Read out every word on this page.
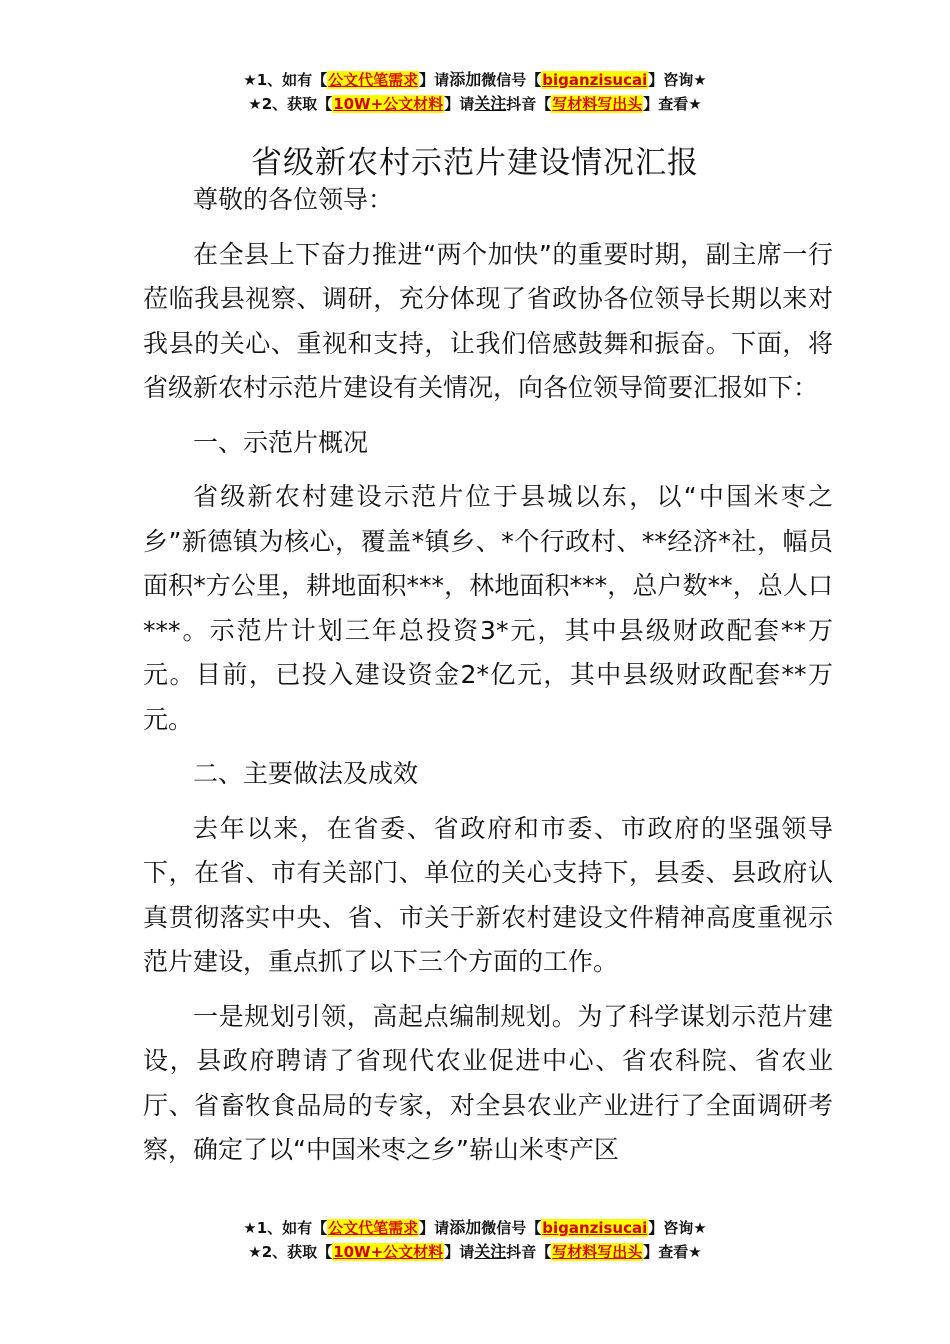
★1、如有【公文代笔需求】请添加微信号【biganzisucai】咨询★
★2、获取【10W+公文材料】请关注抖音【写材料写出头】查看★
省级新农村示范片建设情况汇报

尊敬的各位领导：

在全县上下奋力推进“两个加快”的重要时期，副主席一行莅临我县视察、调研，充分体现了省政协各位领导长期以来对我县的关心、重视和支持，让我们倍感鼓舞和振奋。下面，将省级新农村示范片建设有关情况，向各位领导简要汇报如下：

一、示范片概况

省级新农村建设示范片位于县城以东，以“中国米枣之乡”新德镇为核心，覆盖*镇乡、*个行政村、**经济*社，幅员面积*方公里，耕地面积***，林地面积***，总户数**，总人口***。示范片计划三年总投资3*元，其中县级财政配套**万元。目前，已投入建设资金2*亿元，其中县级财政配套**万元。

二、主要做法及成效

去年以来，在省委、省政府和市委、市政府的坚强领导下，在省、市有关部门、单位的关心支持下，县委、县政府认真贯彻落实中央、省、市关于新农村建设文件精神高度重视示范片建设，重点抓了以下三个方面的工作。

一是规划引领，高起点编制规划。为了科学谋划示范片建设，县政府聘请了省现代农业促进中心、省农科院、省农业厅、省畜牧食品局的专家，对全县农业产业进行了全面调研考察，确定了以“中国米枣之乡”崭山米枣产区

★1、如有【公文代笔需求】请添加微信号【biganzisucai】咨询★
★2、获取【10W+公文材料】请关注抖音【写材料写出头】查看★
